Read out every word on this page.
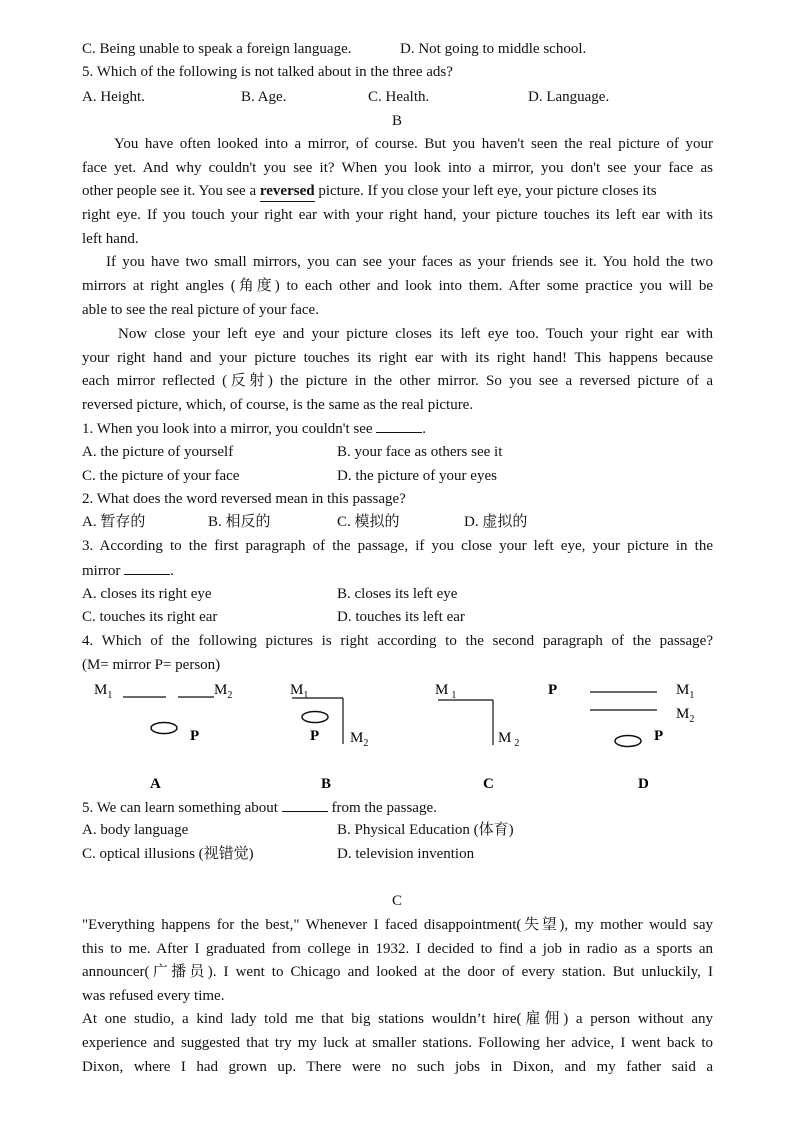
C. Being unable to speak a foreign language.	D. Not going to middle school.
5. Which of the following is not talked about in the three ads?
A. Height.	B. Age.	C. Health.	D. Language.
B
You have often looked into a mirror, of course. But you haven't seen the real picture of your
face yet. And why couldn't you see it? When you look into a mirror, you don't see your face as
other people see it. You see a reversed picture. If you close your left eye, your picture closes its
right eye. If you touch your right ear with your right hand, your picture touches its left ear with its
left hand.
If you have two small mirrors, you can see your faces as your friends see it. You hold the two
mirrors at right angles (角度) to each other and look into them. After some practice you will be
able to see the real picture of your face.
Now close your left eye and your picture closes its left eye too. Touch your right ear with
your right hand and your picture touches its right ear with its right hand! This happens because
each mirror reflected (反射) the picture in the other mirror. So you see a reversed picture of a
reversed picture, which, of course, is the same as the real picture.
1. When you look into a mirror, you couldn't see	.
A. the picture of yourself	B. your face as others see it
C. the picture of your face	D. the picture of your eyes
2. What does the word reversed mean in this passage?
A. 暂存的	B. 相反的	C. 模拟的	D. 虚拟的
3. According to the first paragraph of the passage, if you close your left eye, your picture in the
mirror	.
A. closes its right eye	B. closes its left eye
C. touches its right ear	D. touches its left ear
4. Which of the following pictures is right according to the second paragraph of the passage?
(M= mirror P= person)
$M_1$	$M_2$
P
A
$M_1$
P $M_2$
B
M $_1$
M $_2$
C
P	$M_1$
$M_2$
P
D
5. We can learn something about	from the passage.
A. body language	B. Physical Education (体育)
C. optical illusions (视错觉)	D. television invention
C
"Everything happens for the best," Whenever I faced disappointment(失望), my mother would say
this to me. After I graduated from college in 1932. I decided to find a job in radio as a sports an
announcer(广播员). I went to Chicago and looked at the door of every station. But unluckily, I
was refused every time.
At one studio, a kind lady told me that big stations wouldn’t hire(雇佣) a person without any
experience and suggested that try my luck at smaller stations. Following her advice, I went back to
Dixon, where I had grown up. There were no such jobs in Dixon, and my father said a
